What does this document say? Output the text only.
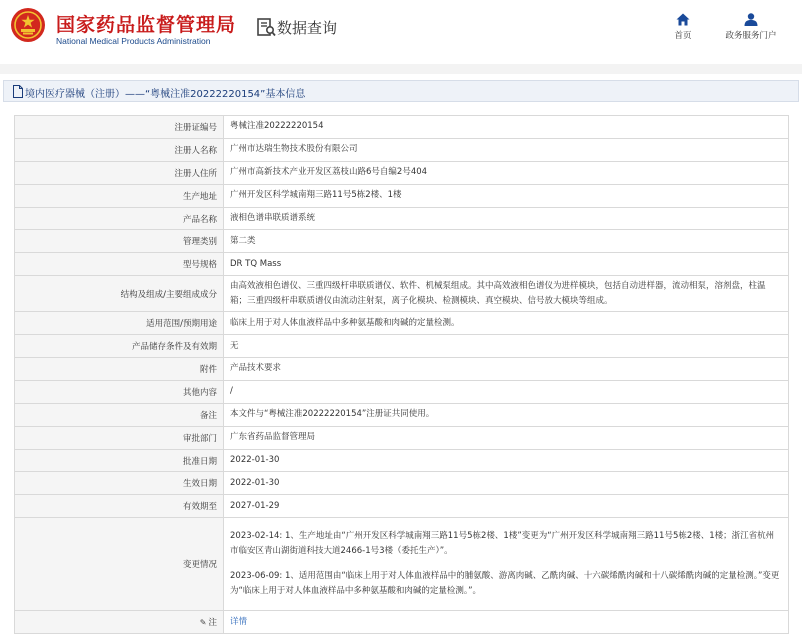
国家药品监督管理局
National Medical Products Administration
数据查询	首页	政务服务门户
境内医疗器械（注册）——“粤械注准20222220154”基本信息
注册证编号	粤械注准20222220154
注册人名称	广州市达瑞生物技术股份有限公司
注册人住所	广州市高新技术产业开发区荔枝山路6号自编2号404
生产地址	广州开发区科学城南翔三路11号5栋2楼、1楼
产品名称	液相色谱串联质谱系统
管理类别	第二类
型号规格	DR TQ Mass
结构及组成/主要组成成分	由高效液相色谱仪、三重四级杆串联质谱仪、软件、机械泵组成。其中高效液相色谱仪为进样模块，包括自动进样器，流动相泵，溶剂盘，柱温箱；三重四级杆串联质谱仪由流动注射泵，离子化模块、检测模块、真空模块、信号放大模块等组成。
适用范围/预期用途	临床上用于对人体血液样品中多种氨基酸和肉碱的定量检测。
产品储存条件及有效期	无
附件	产品技术要求
其他内容	/
备注	本文件与“粤械注准20222220154”注册证共同使用。
审批部门	广东省药品监督管理局
批准日期	2022-01-30
生效日期	2022-01-30
有效期至	2027-01-29
变更情况	2023-02-14: 1、生产地址由“广州开发区科学城南翔三路11号5栋2楼、1楼”变更为“广州开发区科学城南翔三路11号5栋2楼、1楼；浙江省杭州市临安区青山湖街道科技大道2466-1号3楼（委托生产）”。
2023-06-09: 1、适用范围由“临床上用于对人体血液样品中的脯氨酸、游离肉碱、乙酰肉碱、十六碳烯酰肉碱和十八碳烯酰肉碱的定量检测。”变更为“临床上用于对人体血液样品中多种氨基酸和肉碱的定量检测。”。

✎ 注	详情
